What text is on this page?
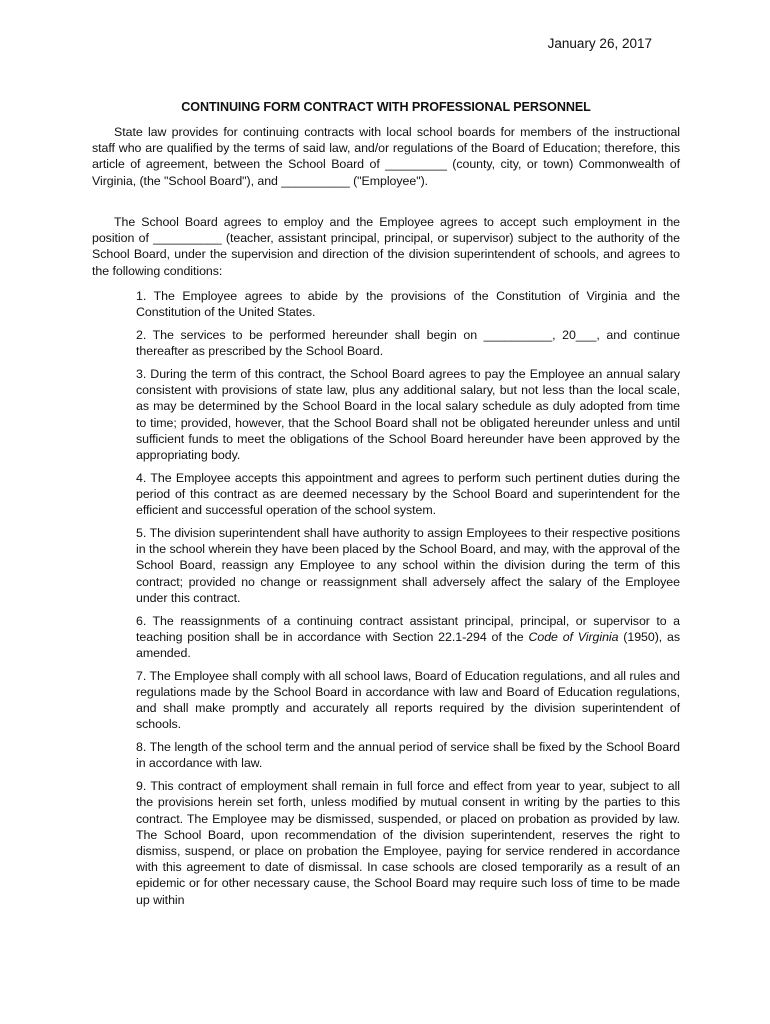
January 26, 2017
CONTINUING FORM CONTRACT WITH PROFESSIONAL PERSONNEL
State law provides for continuing contracts with local school boards for members of the instructional staff who are qualified by the terms of said law, and/or regulations of the Board of Education; therefore, this article of agreement, between the School Board of _________ (county, city, or town) Commonwealth of Virginia, (the "School Board"), and __________ ("Employee").
The School Board agrees to employ and the Employee agrees to accept such employment in the position of __________ (teacher, assistant principal, principal, or supervisor) subject to the authority of the School Board, under the supervision and direction of the division superintendent of schools, and agrees to the following conditions:
1. The Employee agrees to abide by the provisions of the Constitution of Virginia and the Constitution of the United States.
2. The services to be performed hereunder shall begin on __________, 20___, and continue thereafter as prescribed by the School Board.
3. During the term of this contract, the School Board agrees to pay the Employee an annual salary consistent with provisions of state law, plus any additional salary, but not less than the local scale, as may be determined by the School Board in the local salary schedule as duly adopted from time to time; provided, however, that the School Board shall not be obligated hereunder unless and until sufficient funds to meet the obligations of the School Board hereunder have been approved by the appropriating body.
4. The Employee accepts this appointment and agrees to perform such pertinent duties during the period of this contract as are deemed necessary by the School Board and superintendent for the efficient and successful operation of the school system.
5. The division superintendent shall have authority to assign Employees to their respective positions in the school wherein they have been placed by the School Board, and may, with the approval of the School Board, reassign any Employee to any school within the division during the term of this contract; provided no change or reassignment shall adversely affect the salary of the Employee under this contract.
6. The reassignments of a continuing contract assistant principal, principal, or supervisor to a teaching position shall be in accordance with Section 22.1-294 of the Code of Virginia (1950), as amended.
7. The Employee shall comply with all school laws, Board of Education regulations, and all rules and regulations made by the School Board in accordance with law and Board of Education regulations, and shall make promptly and accurately all reports required by the division superintendent of schools.
8. The length of the school term and the annual period of service shall be fixed by the School Board in accordance with law.
9. This contract of employment shall remain in full force and effect from year to year, subject to all the provisions herein set forth, unless modified by mutual consent in writing by the parties to this contract. The Employee may be dismissed, suspended, or placed on probation as provided by law. The School Board, upon recommendation of the division superintendent, reserves the right to dismiss, suspend, or place on probation the Employee, paying for service rendered in accordance with this agreement to date of dismissal. In case schools are closed temporarily as a result of an epidemic or for other necessary cause, the School Board may require such loss of time to be made up within
